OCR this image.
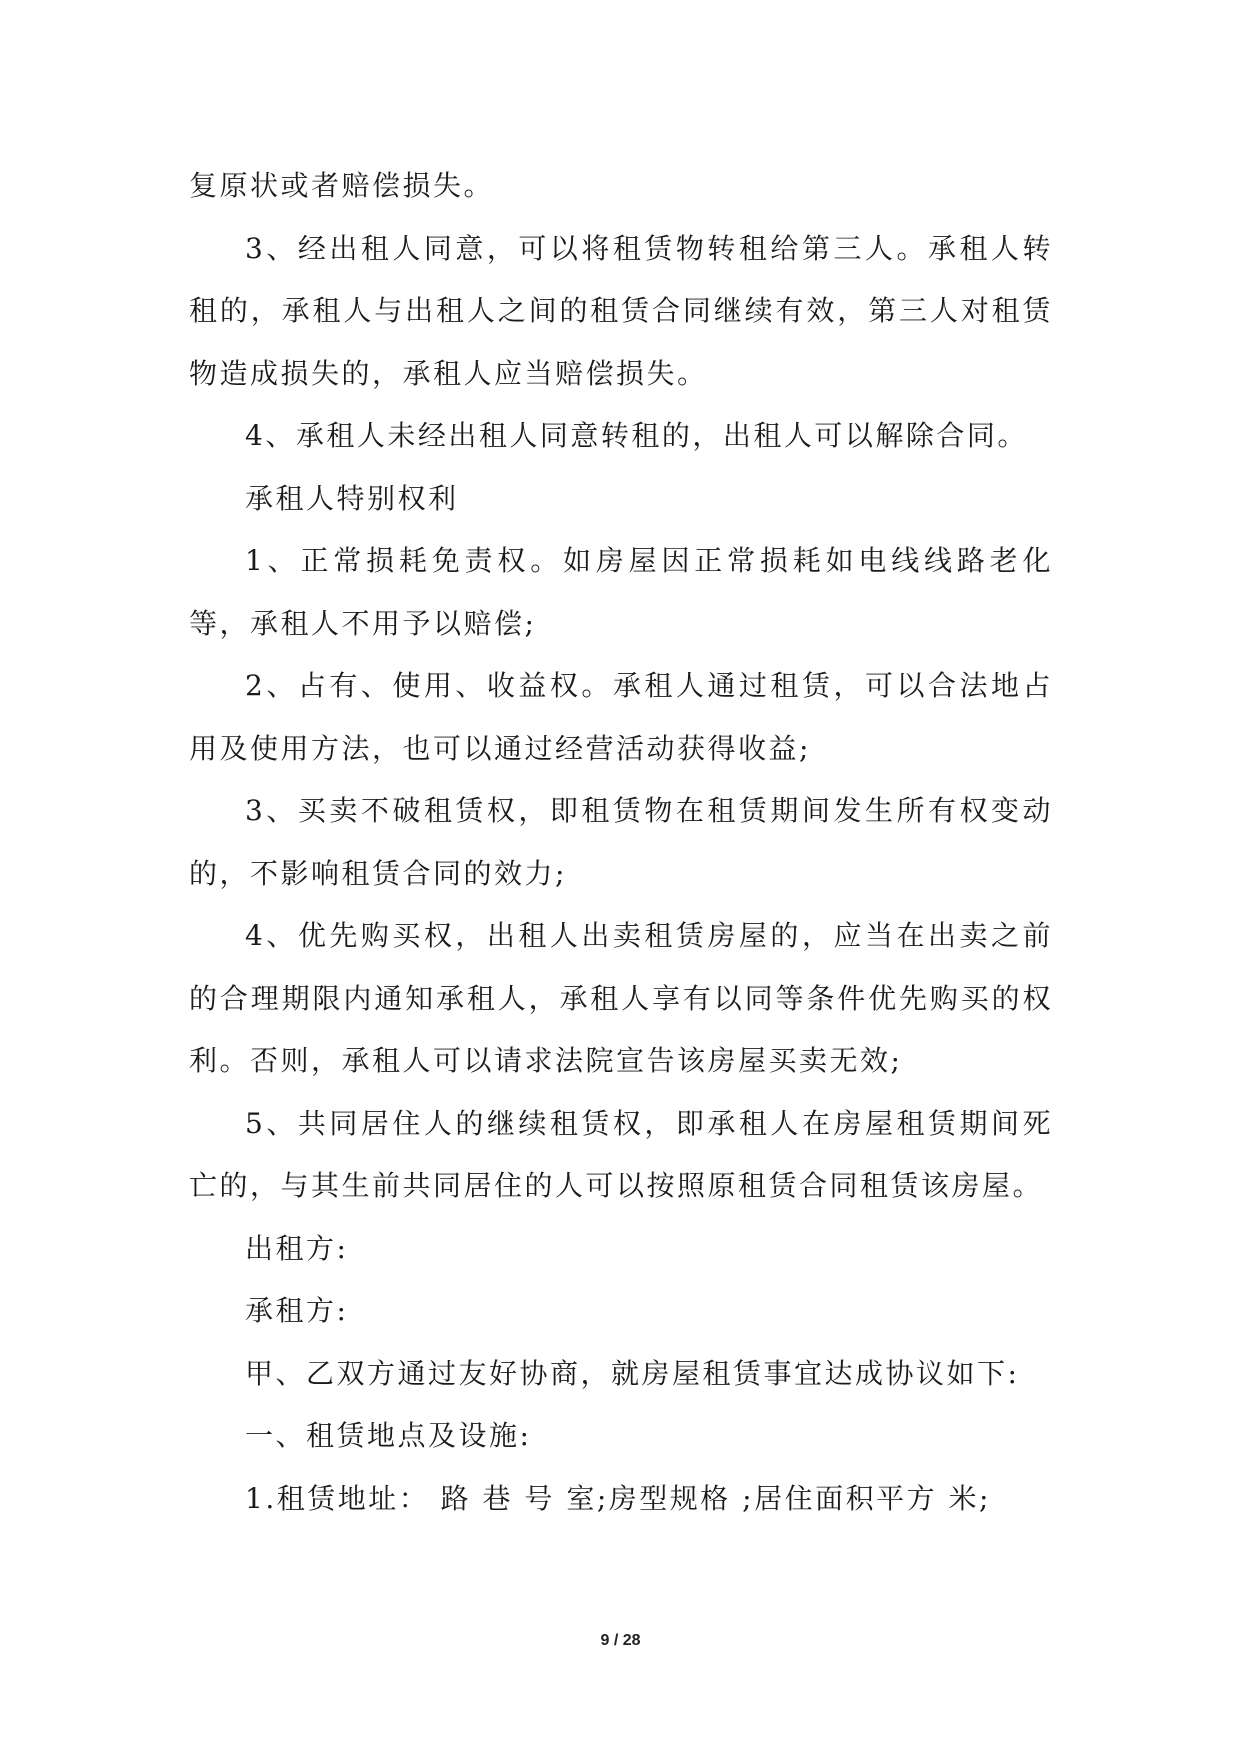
复原状或者赔偿损失。

3、经出租人同意，可以将租赁物转租给第三人。承租人转租的，承租人与出租人之间的租赁合同继续有效，第三人对租赁物造成损失的，承租人应当赔偿损失。

4、承租人未经出租人同意转租的，出租人可以解除合同。

承租人特别权利

1、正常损耗免责权。如房屋因正常损耗如电线线路老化等，承租人不用予以赔偿;

2、占有、使用、收益权。承租人通过租赁，可以合法地占用及使用方法，也可以通过经营活动获得收益;

3、买卖不破租赁权，即租赁物在租赁期间发生所有权变动的，不影响租赁合同的效力;

4、优先购买权，出租人出卖租赁房屋的，应当在出卖之前的合理期限内通知承租人，承租人享有以同等条件优先购买的权利。否则，承租人可以请求法院宣告该房屋买卖无效;

5、共同居住人的继续租赁权，即承租人在房屋租赁期间死亡的，与其生前共同居住的人可以按照原租赁合同租赁该房屋。

出租方:

承租方:

甲、乙双方通过友好协商，就房屋租赁事宜达成协议如下:

一、租赁地点及设施:

1.租赁地址： 路 巷 号 室;房型规格 ;居住面积平方 米;

9 / 28
